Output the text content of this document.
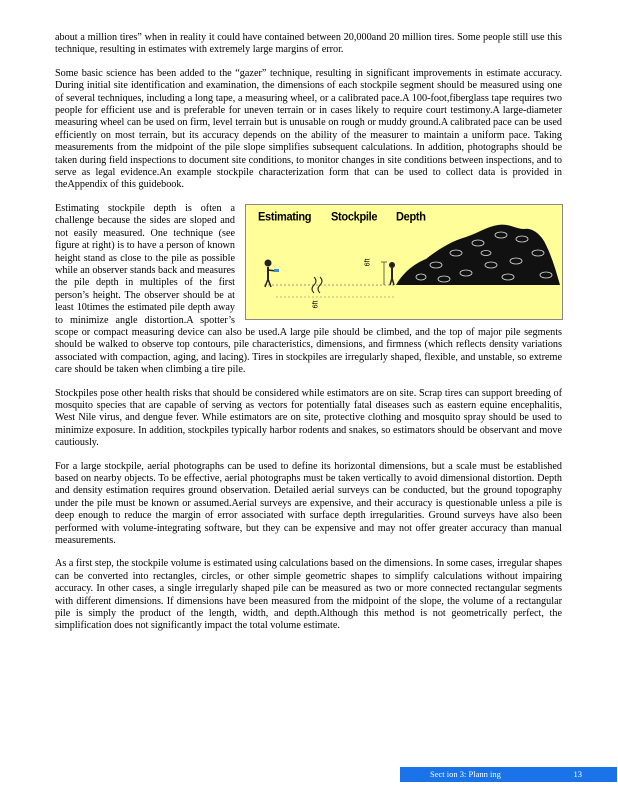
about a million tires” when in reality it could have contained between 20,000and 20 million tires. Some people still use this technique, resulting in estimates with extremely large margins of error.

Some basic science has been added to the “gazer” technique, resulting in significant improvements in estimate accuracy. During initial site identification and examination, the dimensions of each stockpile segment should be measured using one of several techniques, including a long tape, a measuring wheel, or a calibrated pace.A 100-foot,fiberglass tape requires two people for efficient use and is preferable for uneven terrain or in cases likely to require court testimony.A large-diameter measuring wheel can be used on firm, level terrain but is unusable on rough or muddy ground.A calibrated pace can be used efficiently on most terrain, but its accuracy depends on the ability of the measurer to maintain a uniform pace. Taking measurements from the midpoint of the pile slope simplifies subsequent calculations. In addition, photographs should be taken during field inspections to document site conditions, to monitor changes in site conditions between inspections, and to serve as legal evidence.An example stockpile characterization form that can be used to collect data is provided in theAppendix of this guidebook.

Estimating Stockpile Depth
6ft
6ft

Estimating stockpile depth is often a challenge because the sides are sloped and not easily measured. One technique (see figure at right) is to have a person of known height stand as close to the pile as possible while an observer stands back and measures the pile depth in multiples of the first person’s height. The observer should be at least 10times the estimated pile depth away to minimize angle distortion.A spotter’s scope or compact measuring device can also be used.A large pile should be climbed, and the top of major pile segments should be walked to observe top contours, pile characteristics, dimensions, and firmness (which reflects density variations associated with compaction, aging, and lacing). Tires in stockpiles are irregularly shaped, flexible, and unstable, so extreme care should be taken when climbing a tire pile.

Stockpiles pose other health risks that should be considered while estimators are on site. Scrap tires can support breeding of mosquito species that are capable of serving as vectors for potentially fatal diseases such as eastern equine encephalitis, West Nile virus, and dengue fever. While estimators are on site, protective clothing and mosquito spray should be used to minimize exposure. In addition, stockpiles typically harbor rodents and snakes, so estimators should be observant and move cautiously.

For a large stockpile, aerial photographs can be used to define its horizontal dimensions, but a scale must be established based on nearby objects. To be effective, aerial photographs must be taken vertically to avoid dimensional distortion. Depth and density estimation requires ground observation. Detailed aerial surveys can be conducted, but the ground topography under the pile must be known or assumed.Aerial surveys are expensive, and their accuracy is questionable unless a pile is deep enough to reduce the margin of error associated with surface depth irregularities. Ground surveys have also been performed with volume-integrating software, but they can be expensive and may not offer greater accuracy than manual measurements.

As a first step, the stockpile volume is estimated using calculations based on the dimensions. In some cases, irregular shapes can be converted into rectangles, circles, or other simple geometric shapes to simplify calculations without impairing accuracy. In other cases, a single irregularly shaped pile can be measured as two or more connected rectangular segments with different dimensions. If dimensions have been measured from the midpoint of the slope, the volume of a rectangular pile is simply the product of the length, width, and depth.Although this method is not geometrically perfect, the simplification does not significantly impact the total volume estimate.

Sect ion 3: Plann ing	13
